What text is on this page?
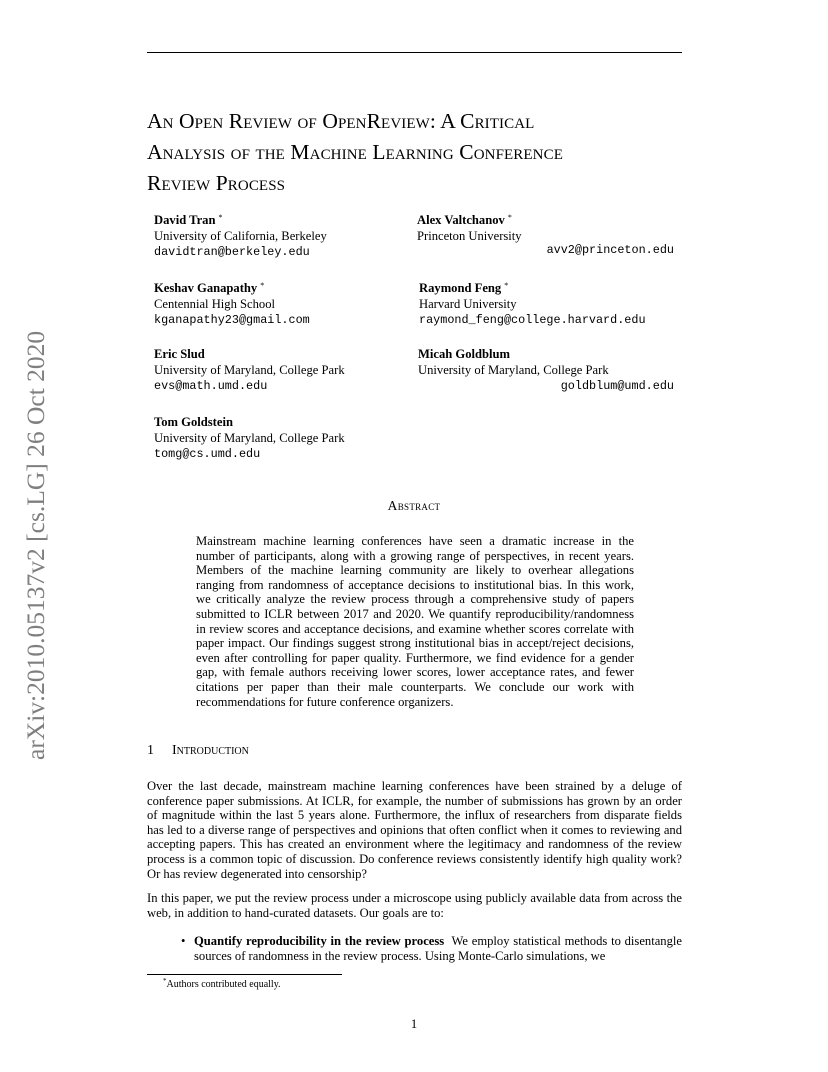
arXiv:2010.05137v2 [cs.LG] 26 Oct 2020
An Open Review of OpenReview: A Critical
Analysis of the Machine Learning Conference
Review Process
David Tran *
University of California, Berkeley
davidtran@berkeley.edu
Keshav Ganapathy *
Centennial High School
kganapathy23@gmail.com
Eric Slud
University of Maryland, College Park
evs@math.umd.edu
Tom Goldstein
University of Maryland, College Park
tomg@cs.umd.edu
Alex Valtchanov *
Princeton University
avv2@princeton.edu
Raymond Feng *
Harvard University
raymond_feng@college.harvard.edu
Micah Goldblum
University of Maryland, College Park
goldblum@umd.edu
Abstract

Mainstream machine learning conferences have seen a dramatic increase in the number of participants, along with a growing range of perspectives, in recent years. Members of the machine learning community are likely to overhear allegations ranging from randomness of acceptance decisions to institutional bias. In this work, we critically analyze the review process through a comprehensive study of papers submitted to ICLR between 2017 and 2020. We quantify reproducibility/randomness in review scores and acceptance decisions, and examine whether scores correlate with paper impact. Our findings suggest strong institutional bias in accept/reject decisions, even after controlling for paper quality. Furthermore, we find evidence for a gender gap, with female authors receiving lower scores, lower acceptance rates, and fewer citations per paper than their male counterparts. We conclude our work with recommendations for future conference organizers.

1 Introduction

Over the last decade, mainstream machine learning conferences have been strained by a deluge of conference paper submissions. At ICLR, for example, the number of submissions has grown by an order of magnitude within the last 5 years alone. Furthermore, the influx of researchers from disparate fields has led to a diverse range of perspectives and opinions that often conflict when it comes to reviewing and accepting papers. This has created an environment where the legitimacy and randomness of the review process is a common topic of discussion. Do conference reviews consistently identify high quality work? Or has review degenerated into censorship?

In this paper, we put the review process under a microscope using publicly available data from across the web, in addition to hand-curated datasets. Our goals are to:

• Quantify reproducibility in the review process We employ statistical methods to disentangle sources of randomness in the review process. Using Monte-Carlo simulations, we
*Authors contributed equally.
1
